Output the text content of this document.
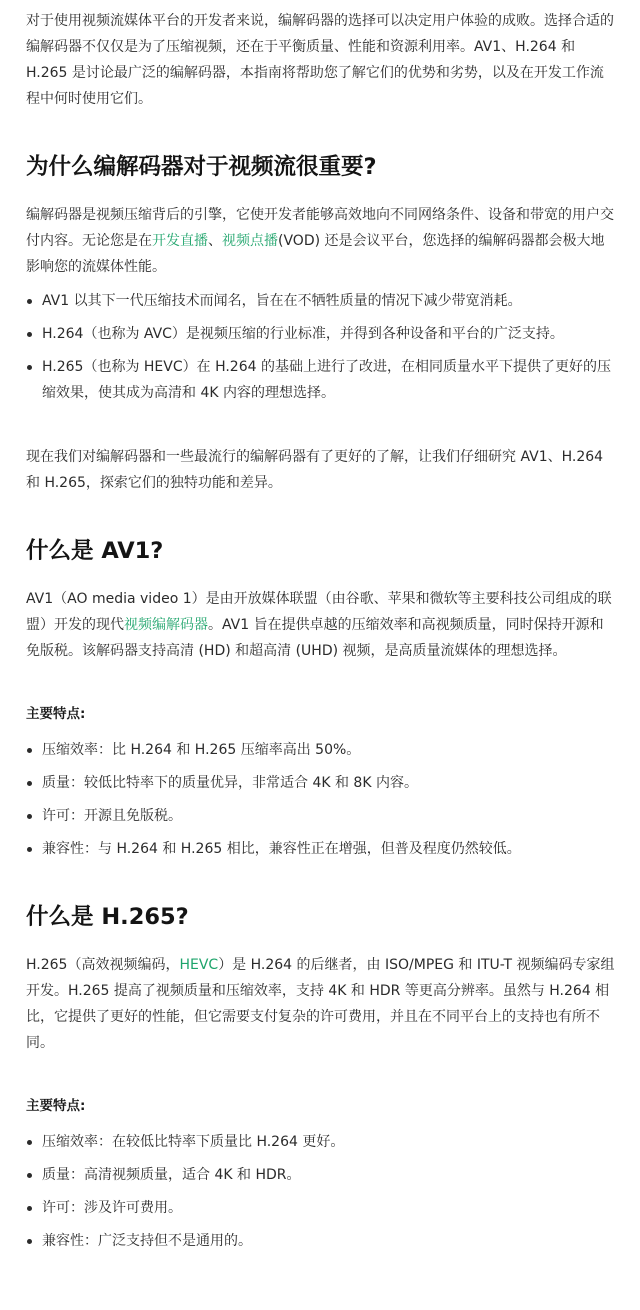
对于使用视频流媒体平台的开发者来说，编解码器的选择可以决定用户体验的成败。选择合适的编解码器不仅仅是为了压缩视频，还在于平衡质量、性能和资源利用率。AV1、H.264 和 H.265 是讨论最广泛的编解码器，本指南将帮助您了解它们的优势和劣势，以及在开发工作流程中何时使用它们。

为什么编解码器对于视频流很重要?

编解码器是视频压缩背后的引擎，它使开发者能够高效地向不同网络条件、设备和带宽的用户交付内容。无论您是在开发直播、视频点播(VOD) 还是会议平台，您选择的编解码器都会极大地影响您的流媒体性能。

AV1 以其下一代压缩技术而闻名，旨在在不牺牲质量的情况下减少带宽消耗。
H.264（也称为 AVC）是视频压缩的行业标准，并得到各种设备和平台的广泛支持。
H.265（也称为 HEVC）在 H.264 的基础上进行了改进，在相同质量水平下提供了更好的压缩效果，使其成为高清和 4K 内容的理想选择。

现在我们对编解码器和一些最流行的编解码器有了更好的了解，让我们仔细研究 AV1、H.264 和 H.265，探索它们的独特功能和差异。

什么是 AV1?

AV1（AO media video 1）是由开放媒体联盟（由谷歌、苹果和微软等主要科技公司组成的联盟）开发的现代视频编解码器。AV1 旨在提供卓越的压缩效率和高视频质量，同时保持开源和免版税。该解码器支持高清 (HD) 和超高清 (UHD) 视频，是高质量流媒体的理想选择。

主要特点:
压缩效率：比 H.264 和 H.265 压缩率高出 50%。
质量：较低比特率下的质量优异，非常适合 4K 和 8K 内容。
许可：开源且免版税。
兼容性：与 H.264 和 H.265 相比，兼容性正在增强，但普及程度仍然较低。
什么是 H.265?

H.265（高效视频编码，HEVC）是 H.264 的后继者，由 ISO/MPEG 和 ITU-T 视频编码专家组开发。H.265 提高了视频质量和压缩效率，支持 4K 和 HDR 等更高分辨率。虽然与 H.264 相比，它提供了更好的性能，但它需要支付复杂的许可费用，并且在不同平台上的支持也有所不同。

主要特点:
压缩效率：在较低比特率下质量比 H.264 更好。
质量：高清视频质量，适合 4K 和 HDR。
许可：涉及许可费用。
兼容性：广泛支持但不是通用的。
